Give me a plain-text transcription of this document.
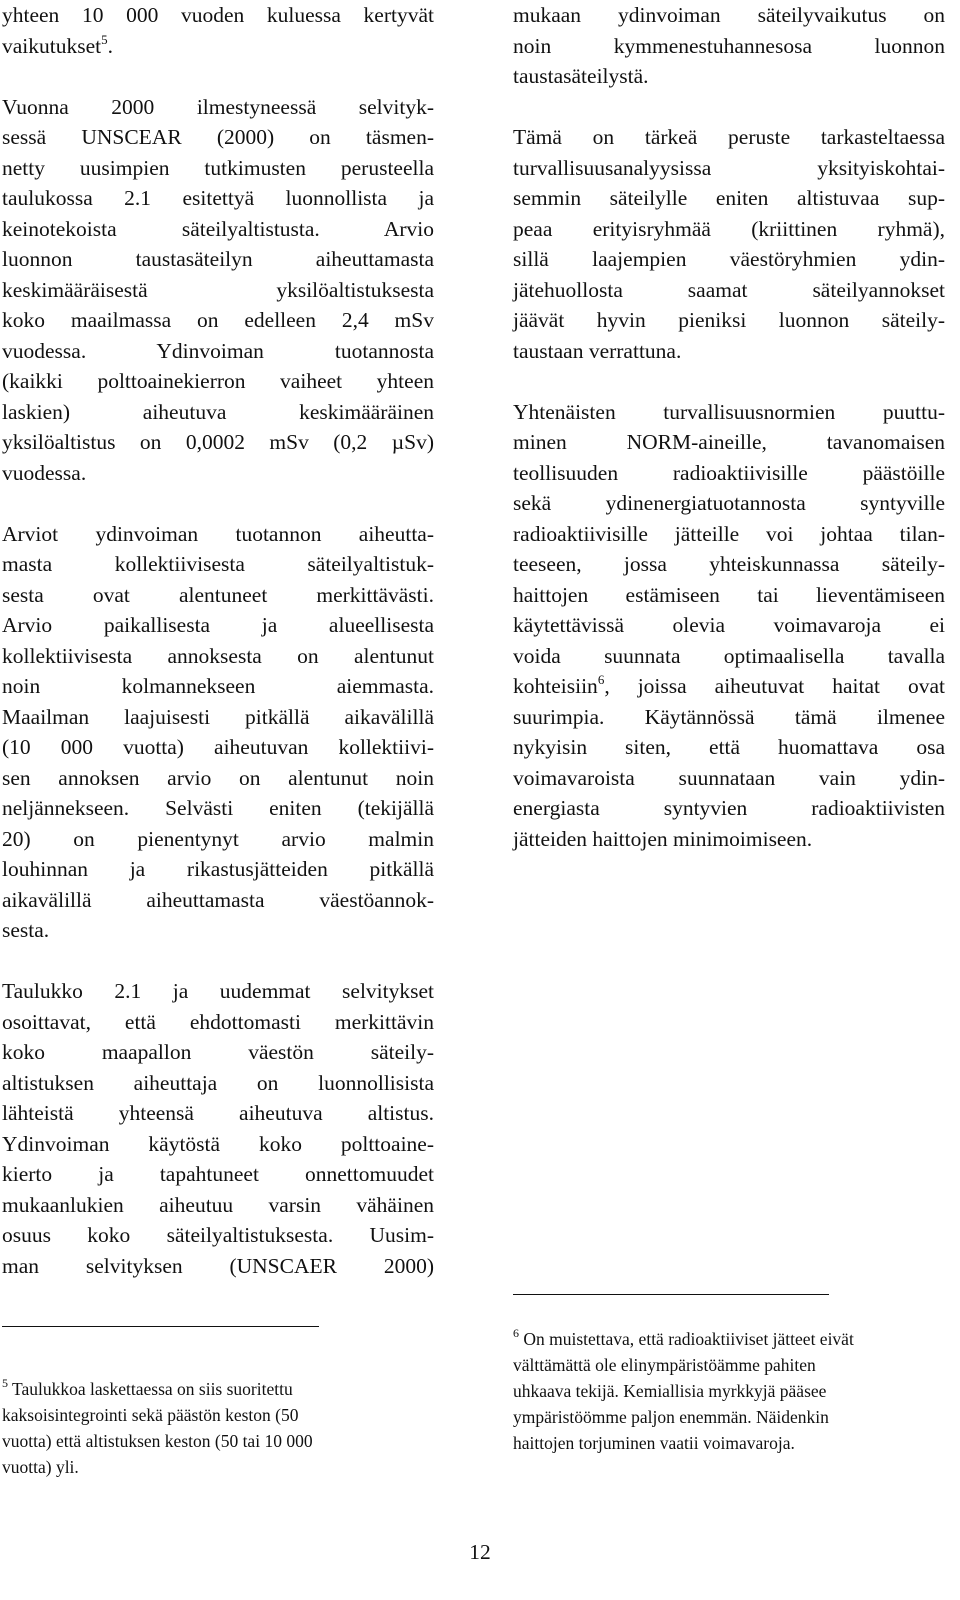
yhteen 10 000 vuoden kuluessa kertyvät
vaikutukset$^5$.
Vuonna 2000 ilmestyneessä selvityk-
sessä UNSCEAR (2000) on täsmen-
netty uusimpien tutkimusten perusteella
taulukossa 2.1 esitettyä luonnollista ja
keinotekoista säteilyaltistusta. Arvio
luonnon taustasäteilyn aiheuttamasta
keskimääräisestä yksilöaltistuksesta
koko maailmassa on edelleen 2,4 mSv
vuodessa. Ydinvoiman tuotannosta
(kaikki polttoainekierron vaiheet yhteen
laskien) aiheutuva keskimääräinen
yksilöaltistus on 0,0002 mSv (0,2 µSv)
vuodessa.
Arviot ydinvoiman tuotannon aiheutta-
masta kollektiivisesta säteilyaltistuk-
sesta ovat alentuneet merkittävästi.
Arvio paikallisesta ja alueellisesta
kollektiivisesta annoksesta on alentunut
noin kolmannekseen aiemmasta.
Maailman laajuisesti pitkällä aikavälillä
(10 000 vuotta) aiheutuvan kollektiivi-
sen annoksen arvio on alentunut noin
neljännekseen. Selvästi eniten (tekijällä
20) on pienentynyt arvio malmin
louhinnan ja rikastusjätteiden pitkällä
aikavälillä aiheuttamasta väestöannok-
sesta.
Taulukko 2.1 ja uudemmat selvitykset
osoittavat, että ehdottomasti merkittävin
koko maapallon väestön säteily-
altistuksen aiheuttaja on luonnollisista
lähteistä yhteensä aiheutuva altistus.
Ydinvoiman käytöstä koko polttoaine-
kierto ja tapahtuneet onnettomuudet
mukaanlukien aiheutuu varsin vähäinen
osuus koko säteilyaltistuksesta. Uusim-
man selvityksen (UNSCAER 2000)
mukaan ydinvoiman säteilyvaikutus on
noin kymmenestuhannesosa luonnon
taustasäteilystä.
Tämä on tärkeä peruste tarkasteltaessa
turvallisuusanalyysissa yksityiskohtai-
semmin säteilylle eniten altistuvaa sup-
peaa erityisryhmää (kriittinen ryhmä),
sillä laajempien väestöryhmien ydin-
jätehuollosta saamat säteilyannokset
jäävät hyvin pieniksi luonnon säteily-
taustaan verrattuna.
Yhtenäisten turvallisuusnormien puuttu-
minen NORM-aineille, tavanomaisen
teollisuuden radioaktiivisille päästöille
sekä ydinenergiatuotannosta syntyville
radioaktiivisille jätteille voi johtaa tilan-
teeseen, jossa yhteiskunnassa säteily-
haittojen estämiseen tai lieventämiseen
käytettävissä olevia voimavaroja ei
voida suunnata optimaalisella tavalla
kohteisiin$^6$, joissa aiheutuvat haitat ovat
suurimpia. Käytännössä tämä ilmenee
nykyisin siten, että huomattava osa
voimavaroista suunnataan vain ydin-
energiasta syntyvien radioaktiivisten
jätteiden haittojen minimoimiseen.
$^5$ Taulukkoa laskettaessa on siis suoritettu
kaksoisintegrointi sekä päästön keston (50
vuotta) että altistuksen keston (50 tai 10 000
vuotta) yli.
$^6$ On muistettava, että radioaktiiviset jätteet eivät
välttämättä ole elinympäristöämme pahiten
uhkaava tekijä. Kemiallisia myrkkyjä pääsee
ympäristöömme paljon enemmän. Näidenkin
haittojen torjuminen vaatii voimavaroja.
12
